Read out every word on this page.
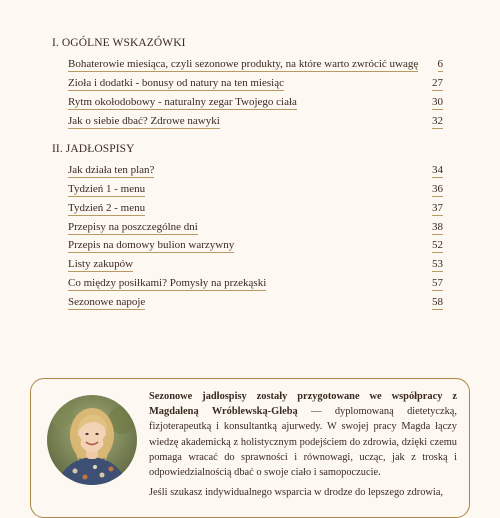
I. OGÓLNE WSKAZÓWKI
Bohaterowie miesiąca, czyli sezonowe produkty, na które warto zwrócić uwagę 6
Zioła i dodatki - bonusy od natury na ten miesiąc	27
Rytm okołodobowy - naturalny zegar Twojego ciała	30
Jak o siebie dbać? Zdrowe nawyki	32
II. JADŁOSPISY
Jak działa ten plan?	34
Tydzień 1 - menu	36
Tydzień 2 - menu	37
Przepisy na poszczególne dni	38
Przepis na domowy bulion warzywny	52
Listy zakupów	53
Co między posiłkami? Pomysły na przekąski	57
Sezonowe napoje	58

Sezonowe jadłospisy zostały przygotowane we współpracy z Magdaleną Wróblewską-Glebą — dyplomowaną dietetyczką, fizjoterapeutką i konsultantką ajurwedy. W swojej pracy Magda łączy wiedzę akademicką z holistycznym podejściem do zdrowia, dzięki czemu pomaga wracać do sprawności i równowagi, ucząc, jak z troską i odpowiedzialnością dbać o swoje ciało i samopoczucie.

Jeśli szukasz indywidualnego wsparcia w drodze do lepszego zdrowia,
